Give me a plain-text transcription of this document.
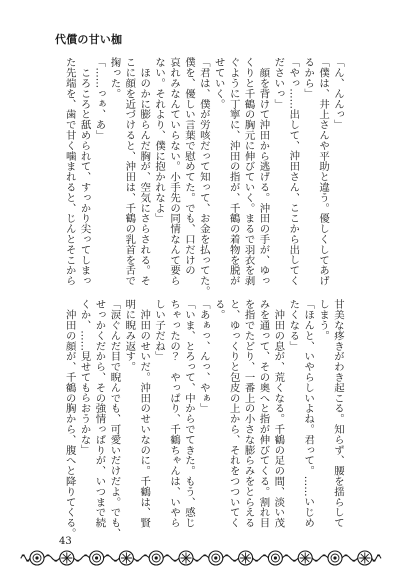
代償の甘い枷
「ん、んんっ」
「僕は、井上さんや平助と違う。優しくしてあげ
るから」
「やっ……出して、沖田さん、ここから出してく
ださいっ」
　顔を背けて沖田から逃げる。沖田の手が、ゆっ
くりと千鶴の胸元に伸びていく。まるで羽衣を剥
ぐように丁寧に、沖田の指が、千鶴の着物を脱が
せていく。
「君は、僕が労咳だって知って、お金を払ってた。
僕を、優しい言葉で慰めてた。でも、口だけの
哀れみなんていらない。小手先の同情なんて要ら
ない。それより、僕に抱かれなよ」
　ほのかに膨らんだ胸が、空気にさらされる。そ
こに顔を近づけると、沖田は、千鶴の乳首を舌で
掬った。
「……っぁ、あ」
　ころころと舐められて、すっかり尖ってしまっ
た先端を、歯で甘く噛まれると、じんとそこから
甘美な疼きがわき起こる。知らず、腰を揺らして
しまう。
「ほんと、いやらしいよね。君って。……いじめ
たくなる」
　沖田の息が、荒くなる。千鶴の足の間、淡い茂
みを通って、その奥へと指が伸びてくる。割れ目
を指でたどり、一番上の小さな膨らみをとらえる
と、ゆっくりと包皮の上から、それをつついてく
る。
「あぁっ、んっ、やぁ」
「いま、とろって、中からでてきた。もう、感じ
ちゃったの？　やっぱり、千鶴ちゃんは、いやら
しい子だね」
　沖田のせいだ。沖田のせいなのに。千鶴は、賢
明に睨み返す。
「涙ぐんだ目で睨んでも、可愛いだけだよ。でも、
せっかくだから、その強情っぱりが、いつまで続
くか、……見せてもらおうかな」
　沖田の顔が、千鶴の胸から、腹へと降りてくる。
43
